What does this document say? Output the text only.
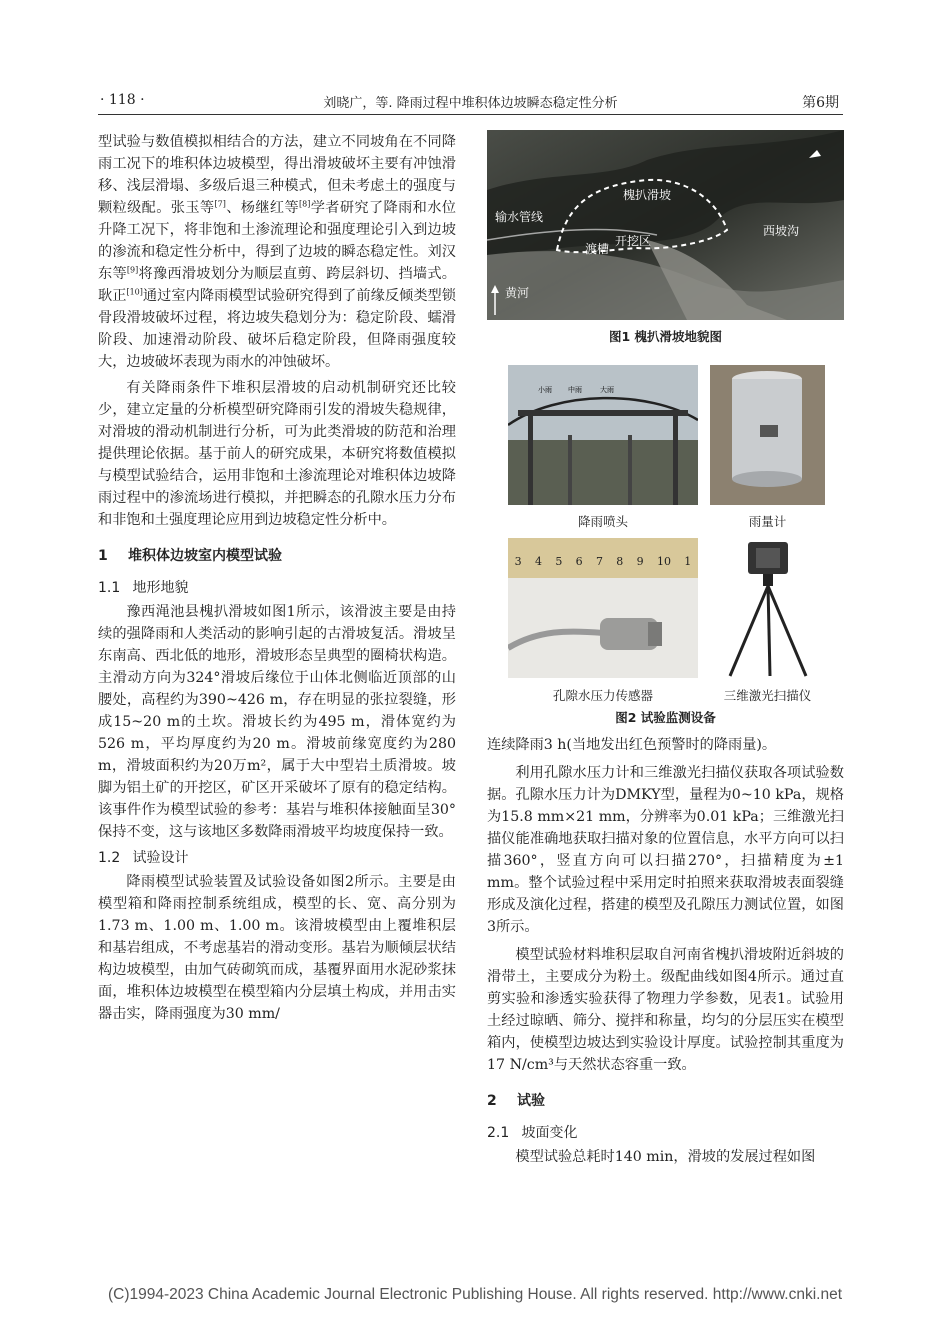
· 118 ·	刘晓广，等. 降雨过程中堆积体边坡瞬态稳定性分析	第6期

型试验与数值模拟相结合的方法，建立不同坡角在不同降雨工况下的堆积体边坡模型，得出滑坡破坏主要有冲蚀滑移、浅层滑塌、多级后退三种模式，但未考虑土的强度与颗粒级配。张玉等[7]、杨继红等[8]学者研究了降雨和水位升降工况下，将非饱和土渗流理论和强度理论引入到边坡的渗流和稳定性分析中，得到了边坡的瞬态稳定性。刘汉东等[9]将豫西滑坡划分为顺层直剪、跨层斜切、挡墙式。耿正[10]通过室内降雨模型试验研究得到了前缘反倾类型锁骨段滑坡破坏过程，将边坡失稳划分为：稳定阶段、蠕滑阶段、加速滑动阶段、破坏后稳定阶段，但降雨强度较大，边坡破坏表现为雨水的冲蚀破坏。

有关降雨条件下堆积层滑坡的启动机制研究还比较少，建立定量的分析模型研究降雨引发的滑坡失稳规律，对滑坡的滑动机制进行分析，可为此类滑坡的防范和治理提供理论依据。基于前人的研究成果，本研究将数值模拟与模型试验结合，运用非饱和土渗流理论对堆积体边坡降雨过程中的渗流场进行模拟，并把瞬态的孔隙水压力分布和非饱和土强度理论应用到边坡稳定性分析中。

1 堆积体边坡室内模型试验
1.1 地形地貌

豫西渑池县槐扒滑坡如图1所示，该滑波主要是由持续的强降雨和人类活动的影响引起的古滑坡复活。滑坡呈东南高、西北低的地形，滑坡形态呈典型的圈椅状构造。主滑动方向为324°滑坡后缘位于山体北侧临近顶部的山腰处，高程约为390~426 m，存在明显的张拉裂缝，形成15~20 m的土坎。滑坡长约为495 m，滑体宽约为526 m，平均厚度约为20 m。滑坡前缘宽度约为280 m，滑坡面积约为20万m²，属于大中型岩土质滑坡。坡脚为铝土矿的开挖区，矿区开采破坏了原有的稳定结构。该事件作为模型试验的参考：基岩与堆积体接触面呈30°保持不变，这与该地区多数降雨滑坡平均坡度保持一致。

1.2 试验设计

降雨模型试验装置及试验设备如图2所示。主要是由模型箱和降雨控制系统组成，模型的长、宽、高分别为1.73 m、1.00 m、1.00 m。该滑坡模型由上覆堆积层和基岩组成，不考虑基岩的滑动变形。基岩为顺倾层状结构边坡模型，由加气砖砌筑而成，基覆界面用水泥砂浆抹面，堆积体边坡模型在模型箱内分层填土构成，并用击实器击实，降雨强度为30 mm/

输水管线
槐扒滑坡
渡槽
开挖区
西坡沟
黄河
图1 槐扒滑坡地貌图
小雨 中雨	大雨
降雨喷头	雨量计
3 4 5 6 7 8 9 10 1
孔隙水压力传感器	三维激光扫描仪
图2 试验监测设备

连续降雨3 h(当地发出红色预警时的降雨量)。

利用孔隙水压力计和三维激光扫描仪获取各项试验数据。孔隙水压力计为DMKY型，量程为0~10 kPa，规格为15.8 mm×21 mm，分辨率为0.01 kPa；三维激光扫描仪能准确地获取扫描对象的位置信息，水平方向可以扫描360°，竖直方向可以扫描270°，扫描精度为±1 mm。整个试验过程中采用定时拍照来获取滑坡表面裂缝形成及演化过程，搭建的模型及孔隙压力测试位置，如图3所示。

模型试验材料堆积层取自河南省槐扒滑坡附近斜坡的滑带土，主要成分为粉土。级配曲线如图4所示。通过直剪实验和渗透实验获得了物理力学参数，见表1。试验用土经过晾晒、筛分、搅拌和称量，均匀的分层压实在模型箱内，使模型边坡达到实验设计厚度。试验控制其重度为17 N/cm³与天然状态容重一致。

2 试验
2.1 坡面变化

模型试验总耗时140 min，滑坡的发展过程如图

(C)1994-2023 China Academic Journal Electronic Publishing House. All rights reserved. http://www.cnki.net
